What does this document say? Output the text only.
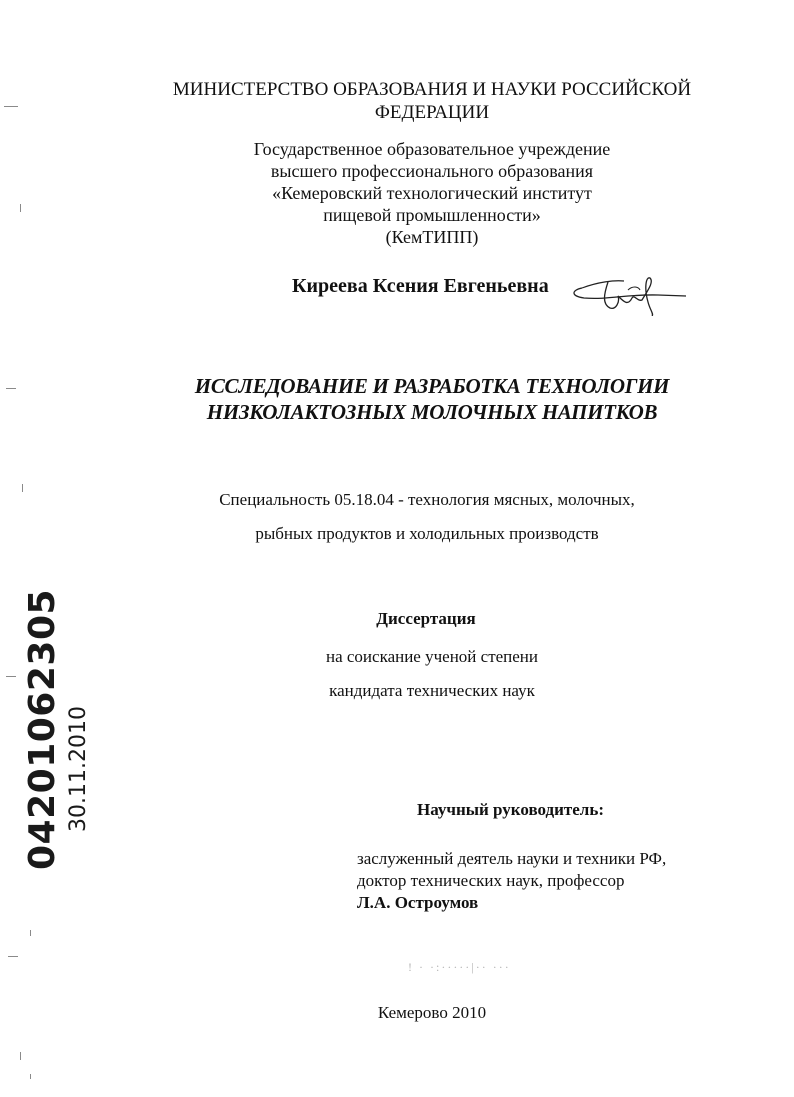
МИНИСТЕРСТВО ОБРАЗОВАНИЯ И НАУКИ РОССИЙСКОЙ
ФЕДЕРАЦИИ
Государственное образовательное учреждение
высшего профессионального образования
«Кемеровский технологический институт
пищевой промышленности»
(КемТИПП)
Киреева Ксения Евгеньевна
ИССЛЕДОВАНИЕ И РАЗРАБОТКА ТЕХНОЛОГИИ
НИЗКОЛАКТОЗНЫХ МОЛОЧНЫХ НАПИТКОВ
Специальность 05.18.04 - технология мясных, молочных,
рыбных продуктов и холодильных производств
Диссертация
на соискание ученой степени
кандидата технических наук
Научный руководитель:
заслуженный деятель науки и техники РФ,
доктор технических наук, профессор
Л.А. Остроумов
! · ·:·····|·· ···
Кемерово 2010
04201062305 30.11.2010
